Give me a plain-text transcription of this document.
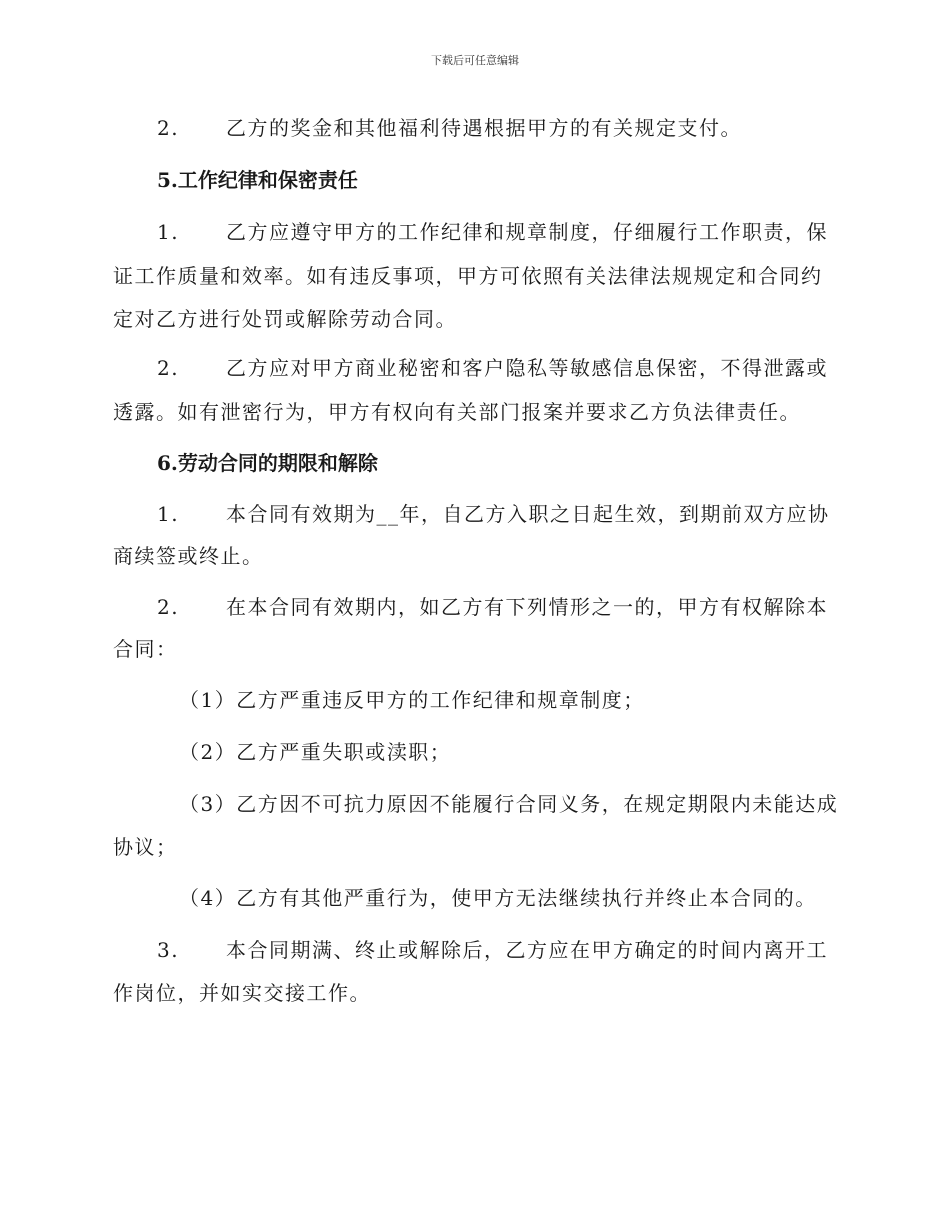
下载后可任意编辑
2. 乙方的奖金和其他福利待遇根据甲方的有关规定支付。
5.工作纪律和保密责任
1. 乙方应遵守甲方的工作纪律和规章制度，仔细履行工作职责，保
证工作质量和效率。如有违反事项，甲方可依照有关法律法规规定和合同约
定对乙方进行处罚或解除劳动合同。
2. 乙方应对甲方商业秘密和客户隐私等敏感信息保密，不得泄露或
透露。如有泄密行为，甲方有权向有关部门报案并要求乙方负法律责任。
6.劳动合同的期限和解除
1. 本合同有效期为__年，自乙方入职之日起生效，到期前双方应协
商续签或终止。
2. 在本合同有效期内，如乙方有下列情形之一的，甲方有权解除本
合同：
（1）乙方严重违反甲方的工作纪律和规章制度；
（2）乙方严重失职或渎职；
（3）乙方因不可抗力原因不能履行合同义务，在规定期限内未能达成
协议；
（4）乙方有其他严重行为，使甲方无法继续执行并终止本合同的。
3. 本合同期满、终止或解除后，乙方应在甲方确定的时间内离开工
作岗位，并如实交接工作。
